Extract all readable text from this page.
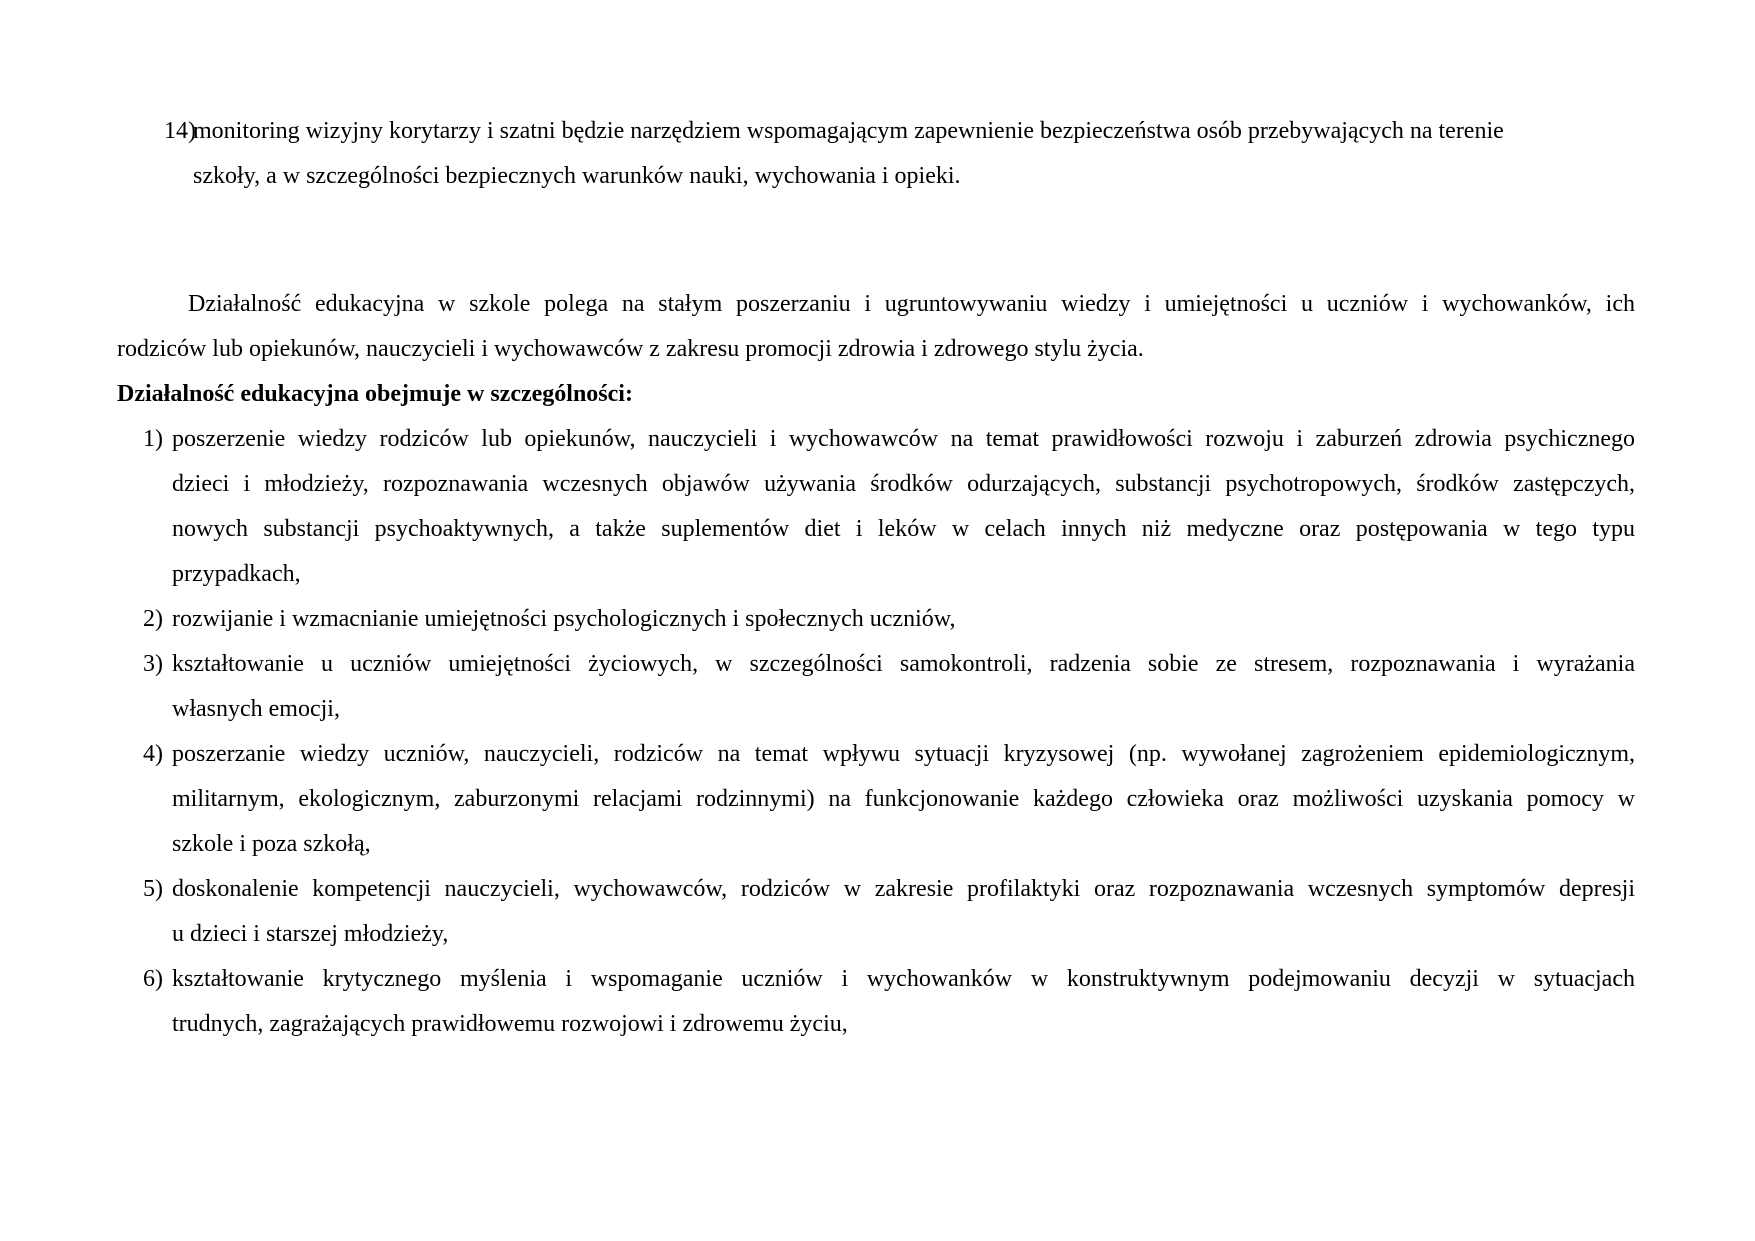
14)
monitoring wizyjny korytarzy i szatni będzie narzędziem wspomagającym zapewnienie bezpieczeństwa osób przebywających na terenie
szkoły, a w szczególności bezpiecznych warunków nauki, wychowania i opieki.
Działalność edukacyjna w szkole polega na stałym poszerzaniu i ugruntowywaniu wiedzy i umiejętności u uczniów i wychowanków, ich
rodziców lub opiekunów, nauczycieli i wychowawców z zakresu promocji zdrowia i zdrowego stylu życia.
Działalność edukacyjna obejmuje w szczególności:
1) poszerzenie wiedzy rodziców lub opiekunów, nauczycieli i wychowawców na temat prawidłowości rozwoju i zaburzeń zdrowia psychicznego
dzieci i młodzieży, rozpoznawania wczesnych objawów używania środków odurzających, substancji psychotropowych, środków zastępczych,
nowych substancji psychoaktywnych, a także suplementów diet i leków w celach innych niż medyczne oraz postępowania w tego typu
przypadkach,
2) rozwijanie i wzmacnianie umiejętności psychologicznych i społecznych uczniów,
3) kształtowanie u uczniów umiejętności życiowych, w szczególności samokontroli, radzenia sobie ze stresem, rozpoznawania i wyrażania
własnych emocji,
4) poszerzanie wiedzy uczniów, nauczycieli, rodziców na temat wpływu sytuacji kryzysowej (np. wywołanej zagrożeniem epidemiologicznym,
militarnym, ekologicznym, zaburzonymi relacjami rodzinnymi) na funkcjonowanie każdego człowieka oraz możliwości uzyskania pomocy w
szkole i poza szkołą,
5) doskonalenie kompetencji nauczycieli, wychowawców, rodziców w zakresie profilaktyki oraz rozpoznawania wczesnych symptomów depresji
u dzieci i starszej młodzieży,
6) kształtowanie krytycznego myślenia i wspomaganie uczniów i wychowanków w konstruktywnym podejmowaniu decyzji w sytuacjach
trudnych, zagrażających prawidłowemu rozwojowi i zdrowemu życiu,
